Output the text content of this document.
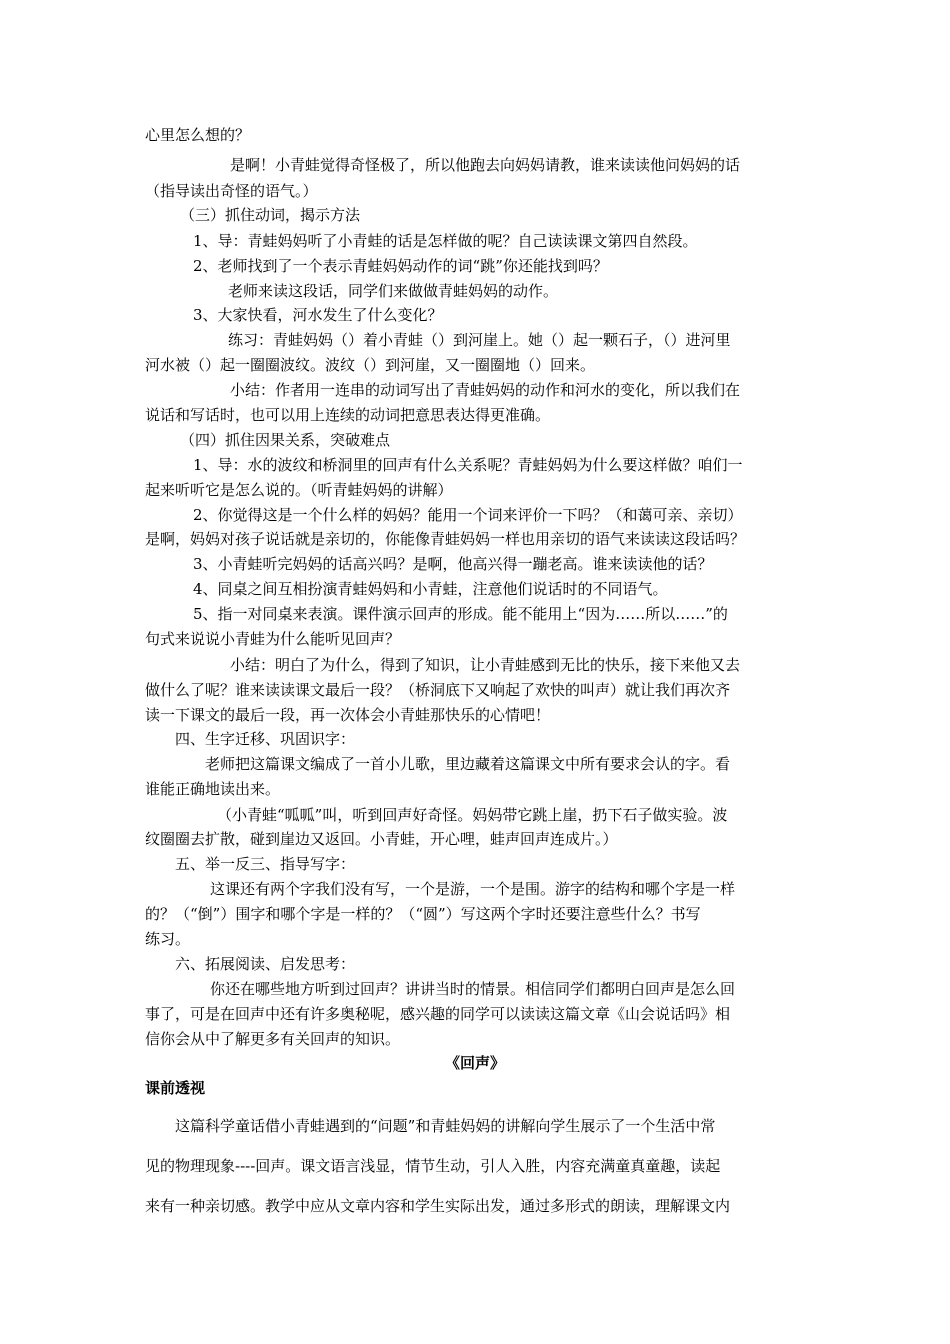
心里怎么想的？
是啊！小青蛙觉得奇怪极了，所以他跑去向妈妈请教，谁来读读他问妈妈的话
（指导读出奇怪的语气。）
（三）抓住动词，揭示方法
1、导：青蛙妈妈听了小青蛙的话是怎样做的呢？自己读读课文第四自然段。
2、老师找到了一个表示青蛙妈妈动作的词“跳”你还能找到吗？
老师来读这段话，同学们来做做青蛙妈妈的动作。
3、大家快看，河水发生了什么变化？
练习：青蛙妈妈（）着小青蛙（）到河崖上。她（）起一颗石子，（）进河里
河水被（）起一圈圈波纹。波纹（）到河崖，又一圈圈地（）回来。
小结：作者用一连串的动词写出了青蛙妈妈的动作和河水的变化，所以我们在
说话和写话时，也可以用上连续的动词把意思表达得更准确。
（四）抓住因果关系，突破难点
1、导：水的波纹和桥洞里的回声有什么关系呢？青蛙妈妈为什么要这样做？咱们一
起来听听它是怎么说的。（听青蛙妈妈的讲解）
2、你觉得这是一个什么样的妈妈？能用一个词来评价一下吗？（和蔼可亲、亲切）
是啊，妈妈对孩子说话就是亲切的，你能像青蛙妈妈一样也用亲切的语气来读读这段话吗？
3、小青蛙听完妈妈的话高兴吗？是啊，他高兴得一蹦老高。谁来读读他的话？
4、同桌之间互相扮演青蛙妈妈和小青蛙，注意他们说话时的不同语气。
5、指一对同桌来表演。课件演示回声的形成。能不能用上“因为……所以……”的
句式来说说小青蛙为什么能听见回声？
小结：明白了为什么，得到了知识，让小青蛙感到无比的快乐，接下来他又去
做什么了呢？谁来读读课文最后一段？（桥洞底下又响起了欢快的叫声）就让我们再次齐
读一下课文的最后一段，再一次体会小青蛙那快乐的心情吧！
四、生字迁移、巩固识字：
老师把这篇课文编成了一首小儿歌，里边藏着这篇课文中所有要求会认的字。看
谁能正确地读出来。
（小青蛙“呱呱”叫，听到回声好奇怪。妈妈带它跳上崖，扔下石子做实验。波
纹圈圈去扩散，碰到崖边又返回。小青蛙，开心哩，蛙声回声连成片。）
五、举一反三、指导写字：
这课还有两个字我们没有写，一个是游，一个是围。游字的结构和哪个字是一样
的？（“倒”）围字和哪个字是一样的？（“圆”）写这两个字时还要注意些什么？书写
练习。
六、拓展阅读、启发思考：
你还在哪些地方听到过回声？讲讲当时的情景。相信同学们都明白回声是怎么回
事了，可是在回声中还有许多奥秘呢，感兴趣的同学可以读读这篇文章《山会说话吗》相
信你会从中了解更多有关回声的知识。
《回声》
课前透视
这篇科学童话借小青蛙遇到的“问题”和青蛙妈妈的讲解向学生展示了一个生活中常
见的物理现象----回声。课文语言浅显，情节生动，引人入胜，内容充满童真童趣，读起
来有一种亲切感。教学中应从文章内容和学生实际出发，通过多形式的朗读，理解课文内
